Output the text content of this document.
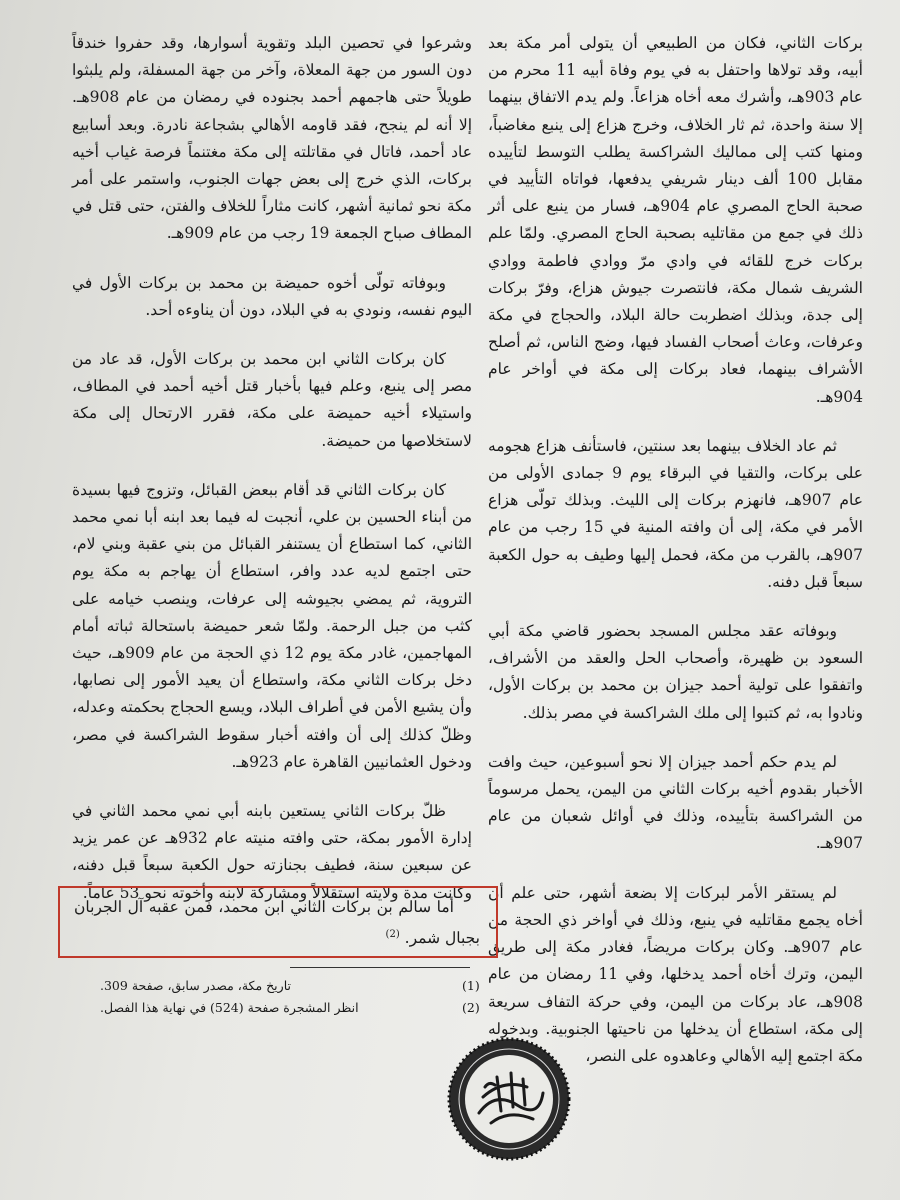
بركات الثاني، فكان من الطبيعي أن يتولى أمر مكة بعد أبيه، وقد تولاها واحتفل به في يوم وفاة أبيه 11 محرم من عام 903هـ، وأشرك معه أخاه هزاعاً. ولم يدم الاتفاق بينهما إلا سنة واحدة، ثم ثار الخلاف، وخرج هزاع إلى ينبع مغاضباً، ومنها كتب إلى مماليك الشراكسة يطلب التوسط لتأييده مقابل 100 ألف دينار شريفي يدفعها، فواتاه التأييد في صحبة الحاج المصري عام 904هـ، فسار من ينبع على أثر ذلك في جمع من مقاتليه بصحبة الحاج المصري. ولمّا علم بركات خرج للقائه في وادي مرّ ووادي فاطمة ووادي الشريف شمال مكة، فانتصرت جيوش هزاع، وفرّ بركات إلى جدة، وبذلك اضطربت حالة البلاد، والحجاج في مكة وعرفات، وعاث أصحاب الفساد فيها، وضج الناس، ثم أصلح الأشراف بينهما، فعاد بركات إلى مكة في أواخر عام 904هـ.

ثم عاد الخلاف بينهما بعد سنتين، فاستأنف هزاع هجومه على بركات، والتقيا في البرقاء يوم 9 جمادى الأولى من عام 907هـ، فانهزم بركات إلى الليث. وبذلك تولّى هزاع الأمر في مكة، إلى أن وافته المنية في 15 رجب من عام 907هـ، بالقرب من مكة، فحمل إليها وطيف به حول الكعبة سبعاً قبل دفنه.

وبوفاته عقد مجلس المسجد بحضور قاضي مكة أبي السعود بن ظهيرة، وأصحاب الحل والعقد من الأشراف، واتفقوا على تولية أحمد جيزان بن محمد بن بركات الأول، ونادوا به، ثم كتبوا إلى ملك الشراكسة في مصر بذلك.

لم يدم حكم أحمد جيزان إلا نحو أسبوعين، حيث وافت الأخبار بقدوم أخيه بركات الثاني من اليمن، يحمل مرسوماً من الشراكسة بتأييده، وذلك في أوائل شعبان من عام 907هـ.

لم يستقر الأمر لبركات إلا بضعة أشهر، حتى علم أن أخاه يجمع مقاتليه في ينبع، وذلك في أواخر ذي الحجة من عام 907هـ. وكان بركات مريضاً، فغادر مكة إلى طريق اليمن، وترك أخاه أحمد يدخلها، وفي 11 رمضان من عام 908هـ، عاد بركات من اليمن، وفي حركة التفاف سريعة إلى مكة، استطاع أن يدخلها من ناحيتها الجنوبية. وبدخوله مكة اجتمع إليه الأهالي وعاهدوه على النصر،

وشرعوا في تحصين البلد وتقوية أسوارها، وقد حفروا خندقاً دون السور من جهة المعلاة، وآخر من جهة المسفلة، ولم يلبثوا طويلاً حتى هاجمهم أحمد بجنوده في رمضان من عام 908هـ. إلا أنه لم ينجح، فقد قاومه الأهالي بشجاعة نادرة. وبعد أسابيع عاد أحمد، فاتال في مقاتلته إلى مكة مغتنماً فرصة غياب أخيه بركات، الذي خرج إلى بعض جهات الجنوب، واستمر على أمر مكة نحو ثمانية أشهر، كانت مثاراً للخلاف والفتن، حتى قتل في المطاف صباح الجمعة 19 رجب من عام 909هـ.

وبوفاته تولّى أخوه حميضة بن محمد بن بركات الأول في اليوم نفسه، ونودي به في البلاد، دون أن يناوءه أحد.

كان بركات الثاني ابن محمد بن بركات الأول، قد عاد من مصر إلى ينبع، وعلم فيها بأخبار قتل أخيه أحمد في المطاف، واستيلاء أخيه حميضة على مكة، فقرر الارتحال إلى مكة لاستخلاصها من حميضة.

كان بركات الثاني قد أقام ببعض القبائل، وتزوج فيها بسيدة من أبناء الحسين بن علي، أنجبت له فيما بعد ابنه أبا نمي محمد الثاني، كما استطاع أن يستنفر القبائل من بني عقبة وبني لام، حتى اجتمع لديه عدد وافر، استطاع أن يهاجم به مكة يوم التروية، ثم يمضي بجيوشه إلى عرفات، وينصب خيامه على كثب من جبل الرحمة. ولمّا شعر حميضة باستحالة ثباته أمام المهاجمين، غادر مكة يوم 12 ذي الحجة من عام 909هـ، حيث دخل بركات الثاني مكة، واستطاع أن يعيد الأمور إلى نصابها، وأن يشيع الأمن في أطراف البلاد، ويسع الحجاج بحكمته وعدله، وظلّ كذلك إلى أن وافته أخبار سقوط الشراكسة في مصر، ودخول العثمانيين القاهرة عام 923هـ.

ظلّ بركات الثاني يستعين بابنه أبي نمي محمد الثاني في إدارة الأمور بمكة، حتى وافته منيته عام 932هـ عن عمر يزيد عن سبعين سنة، فطيف بجنازته حول الكعبة سبعاً قبل دفنه، وكانت مدة ولايته استقلالاً ومشاركة لابنه وأخوته نحو 53 عاماً.

أما سالم بن بركات الثاني ابن محمد، فمن عقبه آل الجربان بجبال شمر. $^{(2)}$

تاريخ مكة، مصدر سابق، صفحة 309.	(1)
انظر المشجرة صفحة (524) في نهاية هذا الفصل.	(2)
